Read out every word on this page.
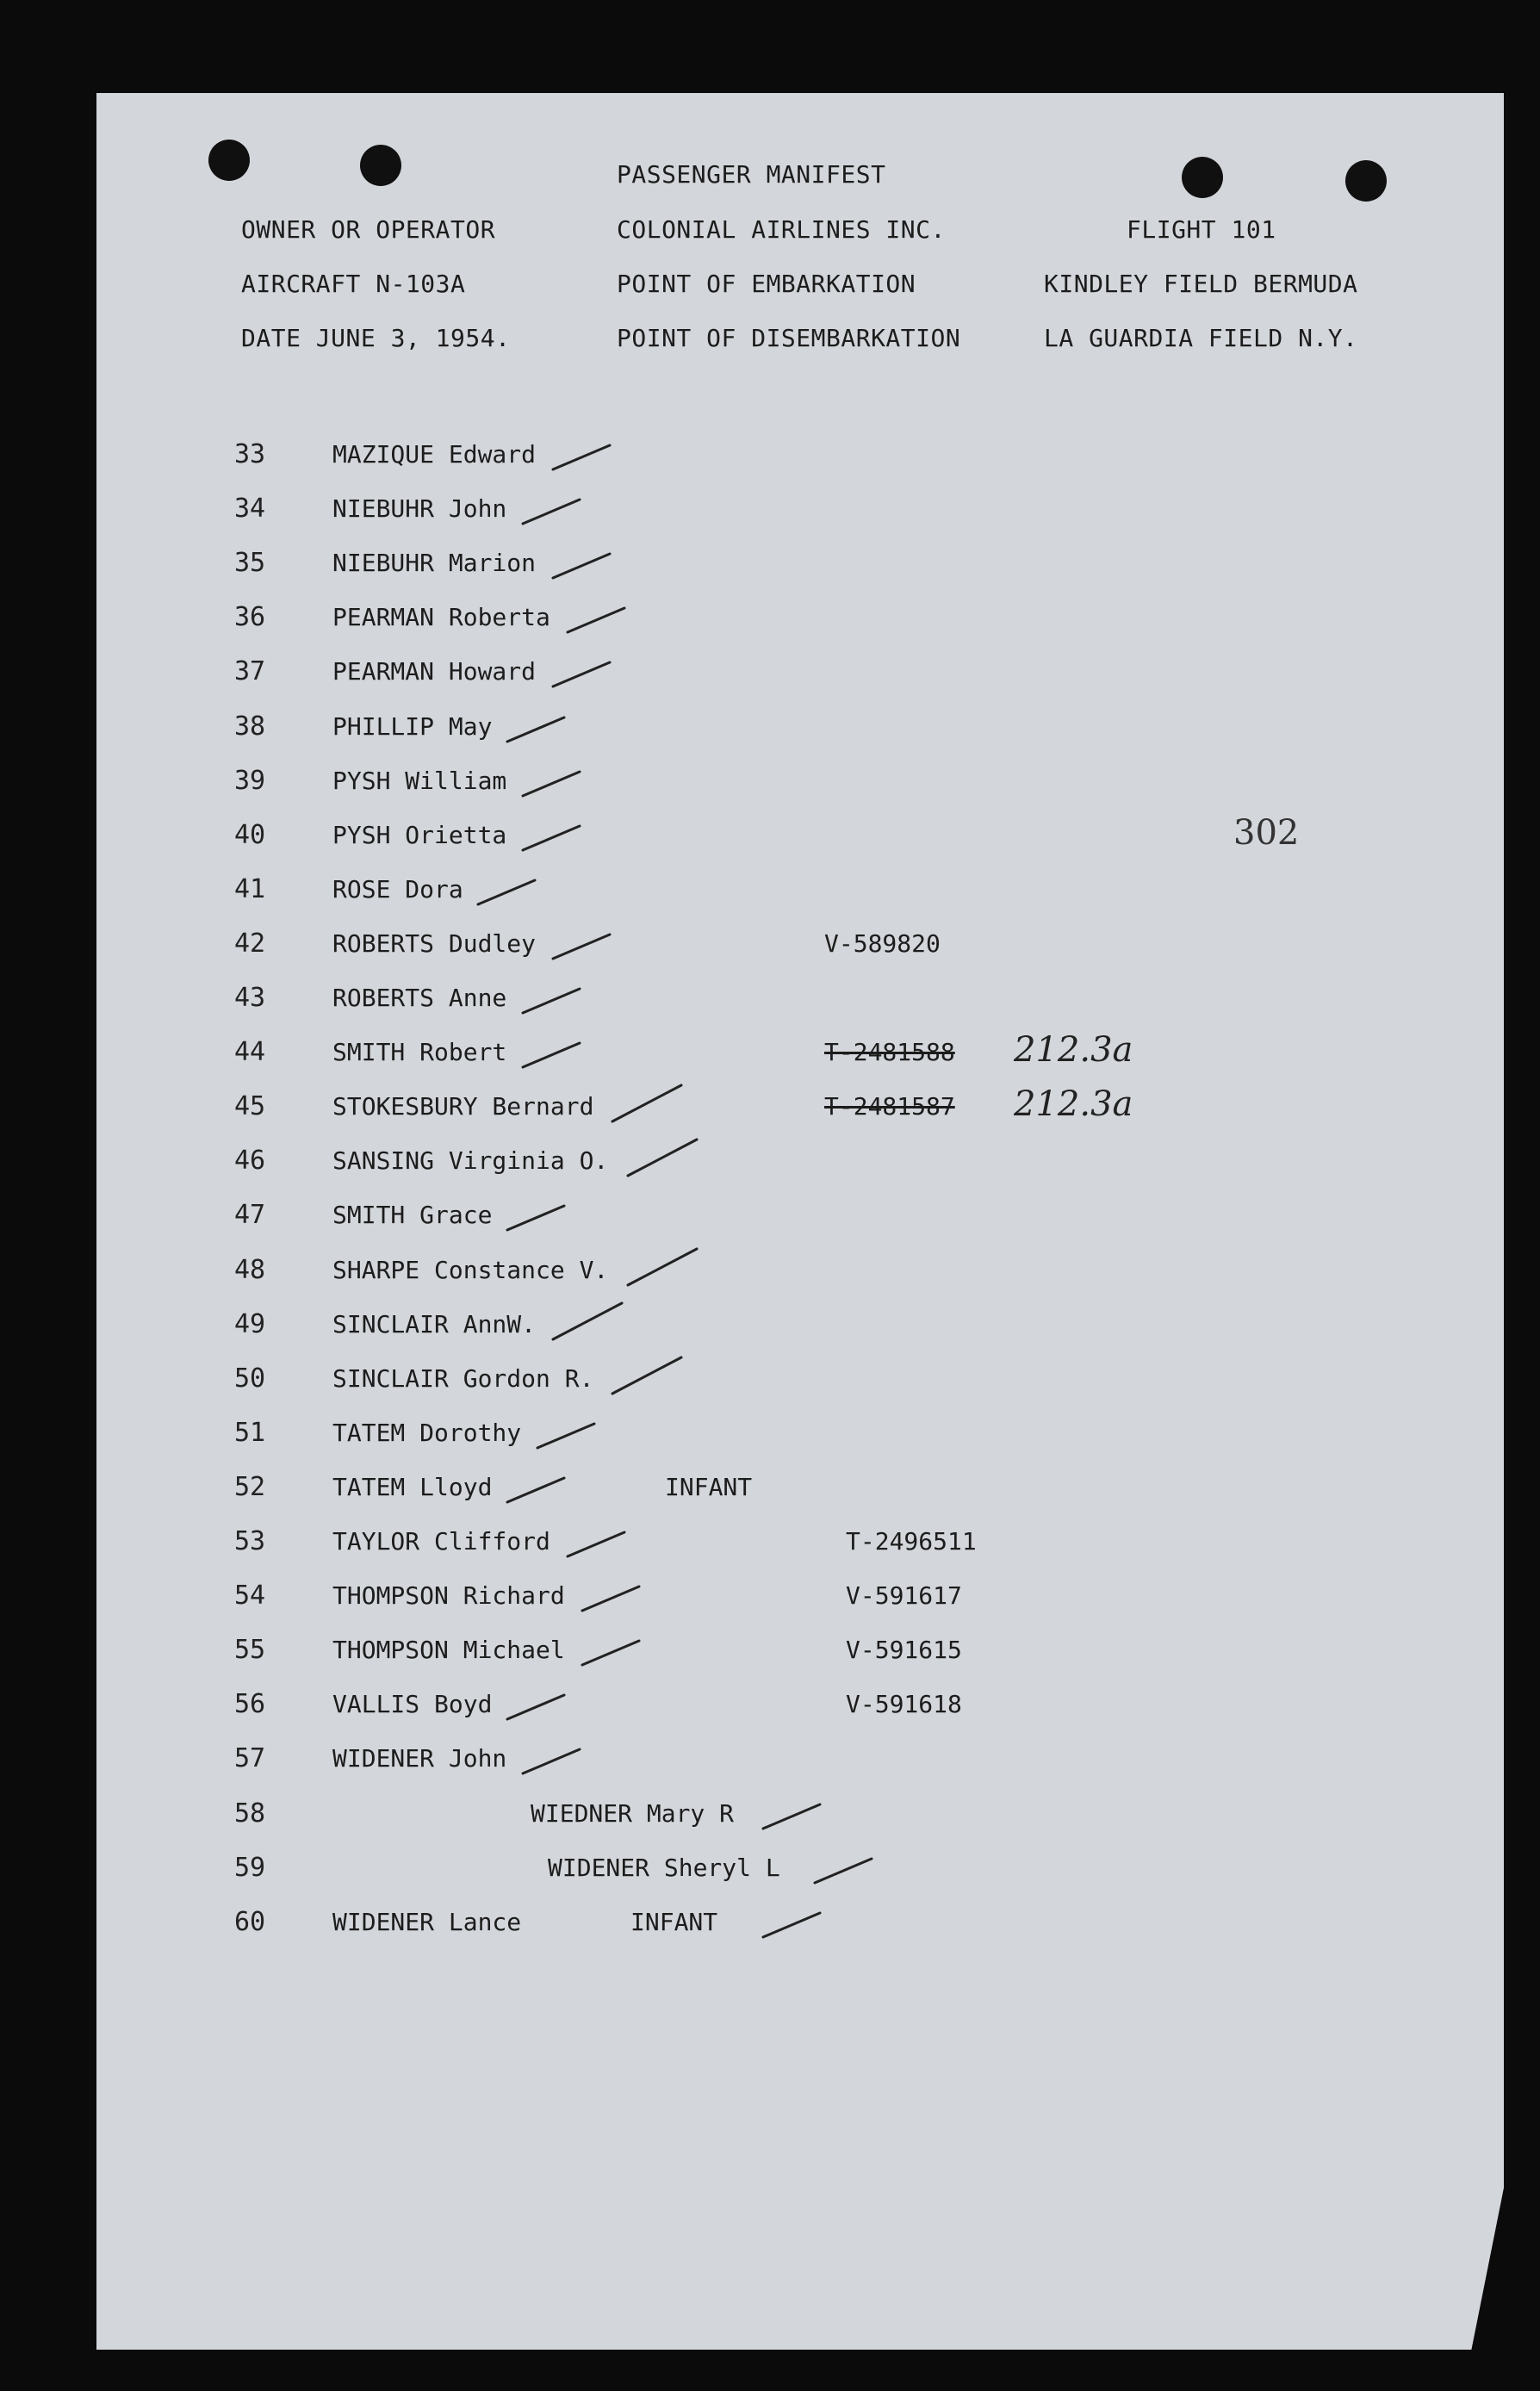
PASSENGER MANIFEST
OWNER OR OPERATOR	COLONIAL AIRLINES INC.	FLIGHT 101
AIRCRAFT N-103A	POINT OF EMBARKATION	KINDLEY FIELD BERMUDA
DATE JUNE 3, 1954.	POINT OF DISEMBARKATION	LA GUARDIA FIELD N.Y.
302
33	MAZIQUE Edward
34	NIEBUHR John
35	NIEBUHR Marion
36	PEARMAN Roberta
37	PEARMAN Howard
38	PHILLIP May
39	PYSH William
40	PYSH Orietta
41	ROSE Dora
42	ROBERTS Dudley	V-589820
43	ROBERTS Anne
44	SMITH Robert	T-2481588 212.3a
45	STOKESBURY Bernard	T-2481587 212.3a
46	SANSING Virginia O.
47	SMITH Grace
48	SHARPE Constance V.
49	SINCLAIR AnnW.
50	SINCLAIR Gordon R.
51	TATEM Dorothy
52	TATEM Lloyd	INFANT
53	TAYLOR Clifford	T-2496511
54	THOMPSON Richard	V-591617
55	THOMPSON Michael	V-591615
56	VALLIS Boyd	V-591618
57	WIDENER John
58	WIEDNER Mary R
59	WIDENER Sheryl L
60	WIDENER Lance	INFANT
